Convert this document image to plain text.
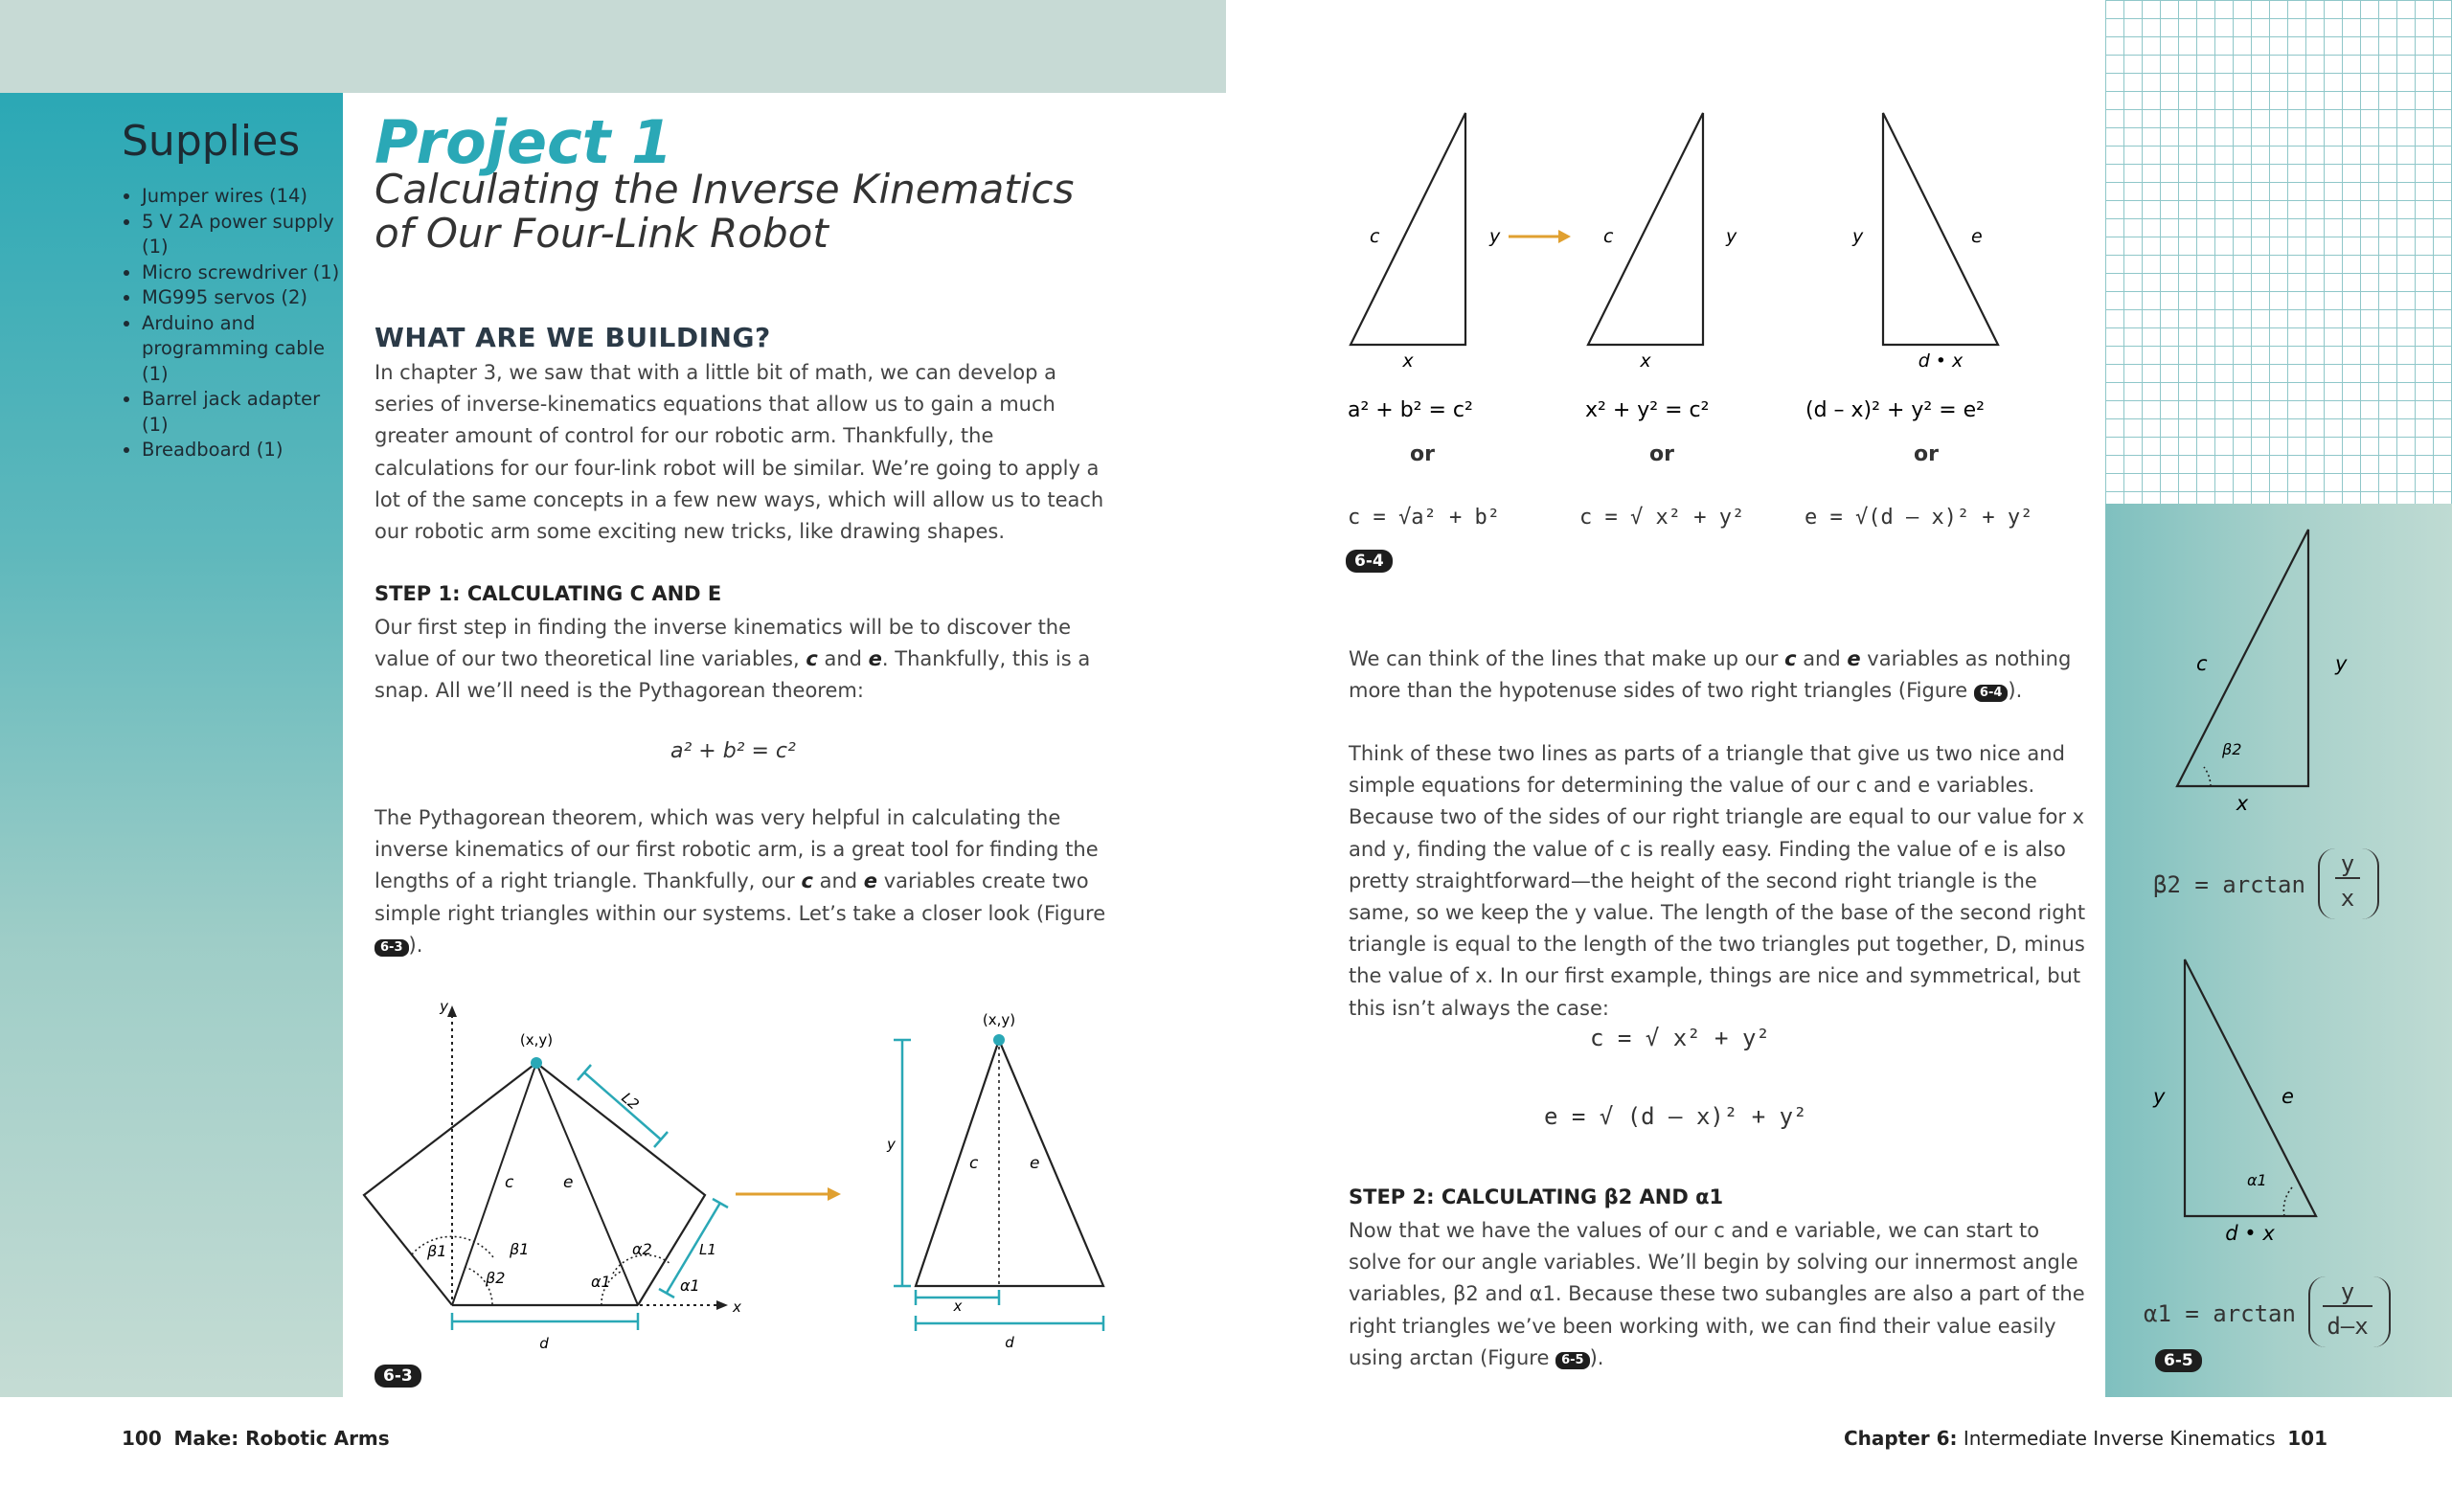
Supplies
• Jumper wires (14)
• 5 V 2A power supply (1)
• Micro screwdriver (1)
• MG995 servos (2)
• Arduino and programming cable (1)
• Barrel jack adapter (1)
• Breadboard (1)
Project 1
Calculating the Inverse Kinematics
of Our Four-Link Robot
WHAT ARE WE BUILDING?
In chapter 3, we saw that with a little bit of math, we can develop a series of inverse-kinematics equations that allow us to gain a much greater amount of control for our robotic arm. Thankfully, the calculations for our four-link robot will be similar. We’re going to apply a lot of the same concepts in a few new ways, which will allow us to teach our robotic arm some exciting new tricks, like drawing shapes.
STEP 1: CALCULATING C AND E
Our first step in finding the inverse kinematics will be to discover the value of our two theoretical line variables, c and e. Thankfully, this is a snap. All we’ll need is the Pythagorean theorem:
a² + b² = c²
The Pythagorean theorem, which was very helpful in calculating the inverse kinematics of our first robotic arm, is a great tool for finding the lengths of a right triangle. Thankfully, our c and e variables create two simple right triangles within our systems. Let’s take a closer look (Figure 6-3 ).
y
x
(x,y)
L2
L1
c	e
β1	β1
β2
α2
α1	α1
d
(x,y)
c	e
y
x
d
6-3
c	y
x
c	y
x
y	e
d • x
a² + b² = c²	x² + y² = c²	(d – x)² + y² = e²
or	or	or
c = √a² + b²	c = √ x² + y²	e = √(d – x)² + y²
6-4
We can think of the lines that make up our c and e variables as nothing more than the hypotenuse sides of two right triangles (Figure 6-4 ).
Think of these two lines as parts of a triangle that give us two nice and simple equations for determining the value of our c and e variables. Because two of the sides of our right triangle are equal to our value for x and y, finding the value of c is really easy. Finding the value of e is also pretty straightforward—the height of the second right triangle is the same, so we keep the y value. The length of the base of the second right triangle is equal to the length of the two triangles put together, D, minus the value of x. In our first example, things are nice and symmetrical, but this isn’t always the case:
c = √ x² + y²
e = √ (d – x)² + y²
STEP 2: CALCULATING β2 AND α1
Now that we have the values of our c and e variable, we can start to solve for our angle variables. We’ll begin by solving our innermost angle variables, β2 and α1. Because these two subangles are also a part of the right triangles we’ve been working with, we can find their value easily using arctan (Figure 6-5 ).
c	y
x
β2
y	e
d • x
α1
β2 = arctan
y
x
α1 = arctan
y
d–x
6-5
100 Make: Robotic Arms	Chapter 6: Intermediate Inverse Kinematics 101
